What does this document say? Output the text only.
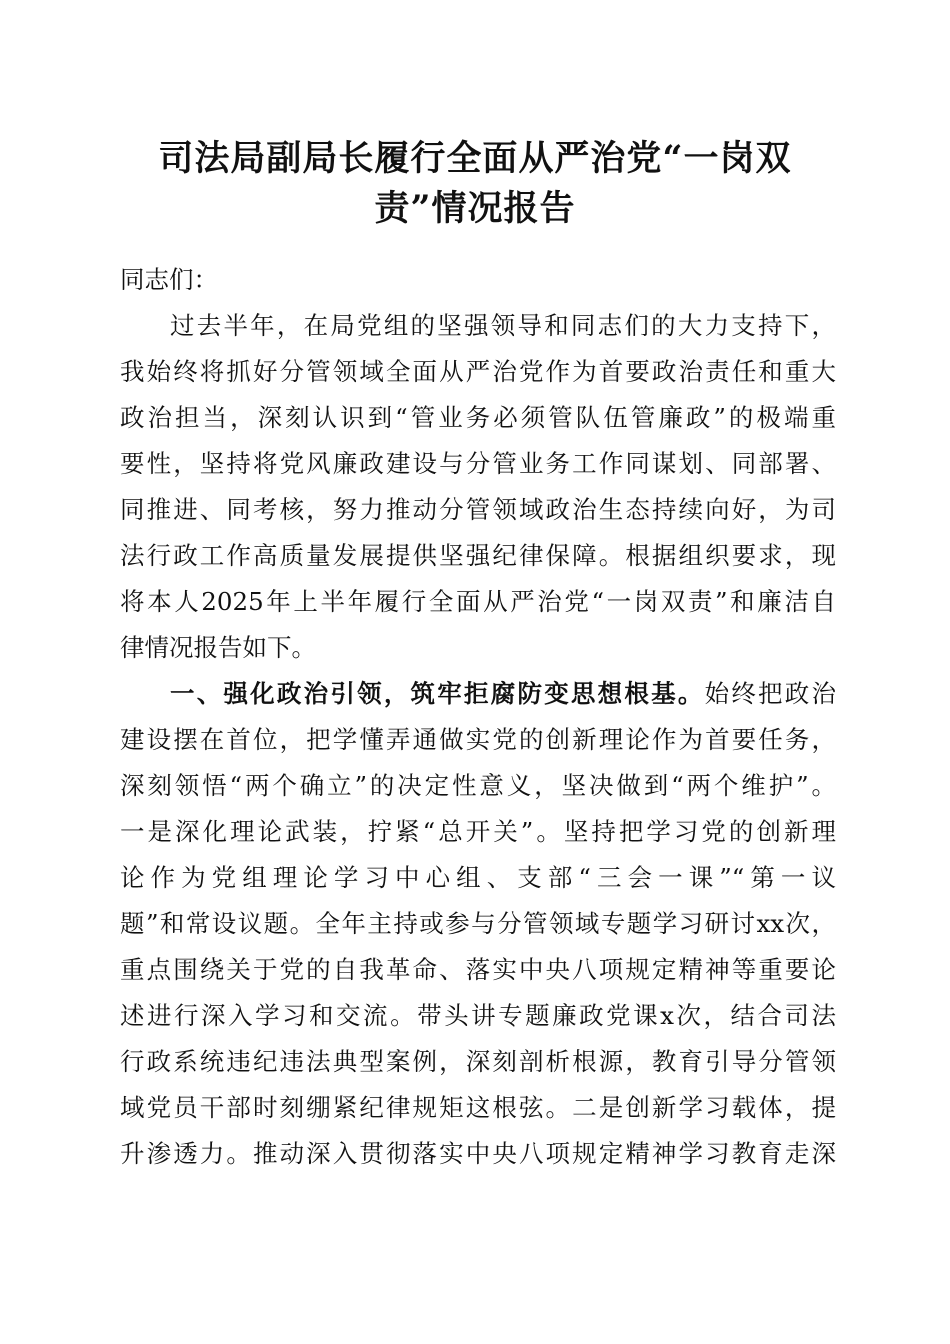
司法局副局长履行全面从严治党“一岗双
责”情况报告
同志们：
过去半年，在局党组的坚强领导和同志们的大力支持下，
我始终将抓好分管领域全面从严治党作为首要政治责任和重大
政治担当，深刻认识到“管业务必须管队伍管廉政”的极端重
要性，坚持将党风廉政建设与分管业务工作同谋划、同部署、
同推进、同考核，努力推动分管领域政治生态持续向好，为司
法行政工作高质量发展提供坚强纪律保障。根据组织要求，现
将本人2025年上半年履行全面从严治党“一岗双责”和廉洁自
律情况报告如下。
一、强化政治引领，筑牢拒腐防变思想根基。始终把政治
建设摆在首位，把学懂弄通做实党的创新理论作为首要任务，
深刻领悟“两个确立”的决定性意义，坚决做到“两个维护”。
一是深化理论武装，拧紧“总开关”。坚持把学习党的创新理
论作为党组理论学习中心组、支部“三会一课”“第一议
题”和常设议题。全年主持或参与分管领域专题学习研讨xx次，
重点围绕关于党的自我革命、落实中央八项规定精神等重要论
述进行深入学习和交流。带头讲专题廉政党课x次，结合司法
行政系统违纪违法典型案例，深刻剖析根源，教育引导分管领
域党员干部时刻绷紧纪律规矩这根弦。二是创新学习载体，提
升渗透力。推动深入贯彻落实中央八项规定精神学习教育走深
